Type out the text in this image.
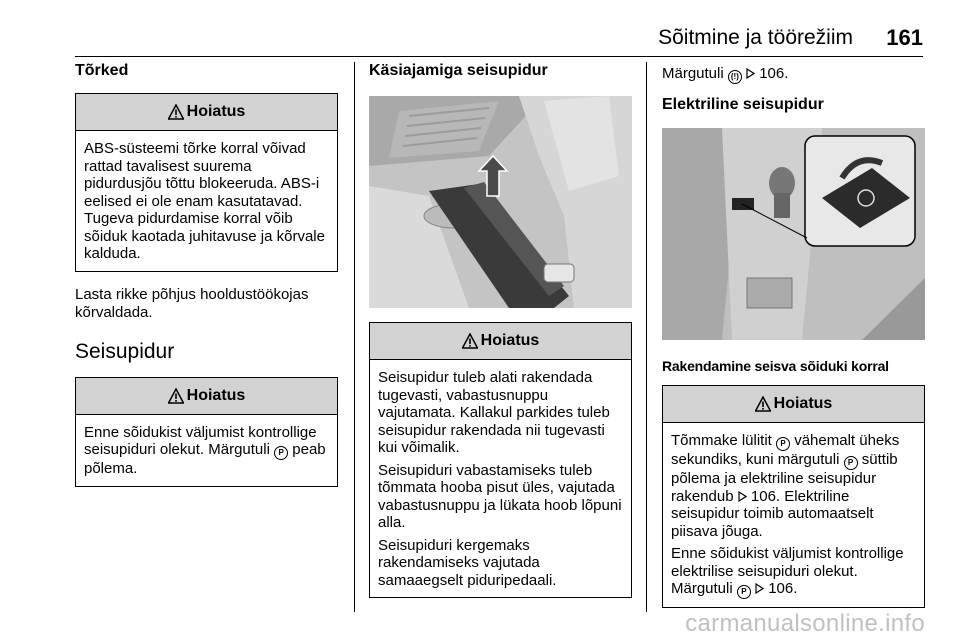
Sõitmine ja töörežiim 161
Tõrked
Hoiatus

ABS-süsteemi tõrke korral võivad rattad tavalisest suurema pidurdusjõu tõttu blokeeruda. ABS-i eelised ei ole enam kasutatavad. Tugeva pidurdamise korral võib sõiduk kaotada juhitavuse ja kõrvale kalduda.

Lasta rikke põhjus hooldustöökojas kõrvaldada.

Seisupidur
Hoiatus

Enne sõidukist väljumist kontrollige seisupiduri olekut. Märgutuli P peab põlema.

Käsiajamiga seisupidur
Hoiatus

Seisupidur tuleb alati rakendada tugevasti, vabastusnuppu vajutamata. Kallakul parkides tuleb seisupidur rakendada nii tugevasti kui võimalik.

Seisupiduri vabastamiseks tuleb tõmmata hooba pisut üles, vajutada vabastusnuppu ja lükata hoob lõpuni alla.

Seisupiduri kergemaks rakendamiseks vajutada samaaegselt piduripedaali.

Märgutuli (!) 106.

Elektriline seisupidur
Rakendamine seisva sõiduki korral
Hoiatus

Tõmmake lülitit P vähemalt üheks sekundiks, kuni märgutuli P süttib põlema ja elektriline seisupidur rakendub 106. Elektriline seisupidur toimib automaatselt piisava jõuga.

Enne sõidukist väljumist kontrollige elektrilise seisupiduri olekut. Märgutuli P 106.

carmanualsonline.info
